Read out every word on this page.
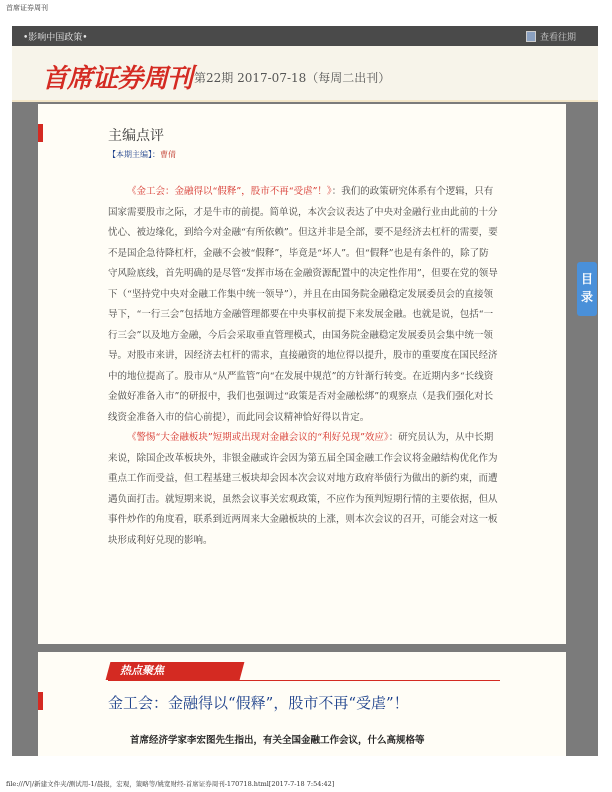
首席证券周刊
•影响中国政策•	查看往期
首席证券周刊 第22期 2017-07-18（每周二出刊）
主编点评
【本期主编】：曹倩

《金工会：金融得以“假释”，股市不再“受虐”！》：我们的政策研究体系有个逻辑，只有国家需要股市之际，才是牛市的前提。简单说，本次会议表达了中央对金融行业由此前的十分忧心、被边缘化，到给今对金融“有所依赖”。但这并非是全部，要不是经济去杠杆的需要，要不是国企急待降杠杆，金融不会被“假释”，毕竟是“坏人”。但“假释”也是有条件的，除了防守风险底线，首先明确的是尽管“发挥市场在金融资源配置中的决定性作用”，但要在党的领导下（“坚持党中央对金融工作集中统一领导”），并且在由国务院金融稳定发展委员会的直接领导下，“一行三会”包括地方金融管理都要在中央事权前提下来发展金融。也就是说，包括“一行三会”以及地方金融，今后会采取垂直管理模式，由国务院金融稳定发展委员会集中统一领导。对股市来讲，因经济去杠杆的需求，直接融资的地位得以提升，股市的重要度在国民经济中的地位提高了。股市从“从严监管”向“在发展中规范”的方针渐行转变。在近期内多“长线资金做好准备入市”的研报中，我们也强调过“政策是否对金融松绑”的观察点（是我们强化对长线资金准备入市的信心前提），而此同会议精神恰好得以肯定。

《警惕“大金融板块”短期或出现对金融会议的“利好兑现”效应》：研究员认为，从中长期来说，除国企改革板块外，非银金融或许会因为第五届全国金融工作会议将金融结构优化作为重点工作而受益，但工程基建三板块却会因本次会议对地方政府举债行为做出的新约束，而遭遇负面打击。就短期来说，虽然会议事关宏观政策，不应作为预判短期行情的主要依据，但从事件炒作的角度看，联系到近两周来大金融板块的上涨，则本次会议的召开，可能会对这一板块形成利好兑现的影响。

热点聚焦
金工会：金融得以“假释”，股市不再“受虐”！
首席经济学家李宏图先生指出，有关全国金融工作会议，什么高规格等
目录
file:///V|/新建文件夹/测试用-1/晨报，宏观，策略等/姚宽财经-首席证券周刊-170718.html[2017-7-18 7:54:42]
